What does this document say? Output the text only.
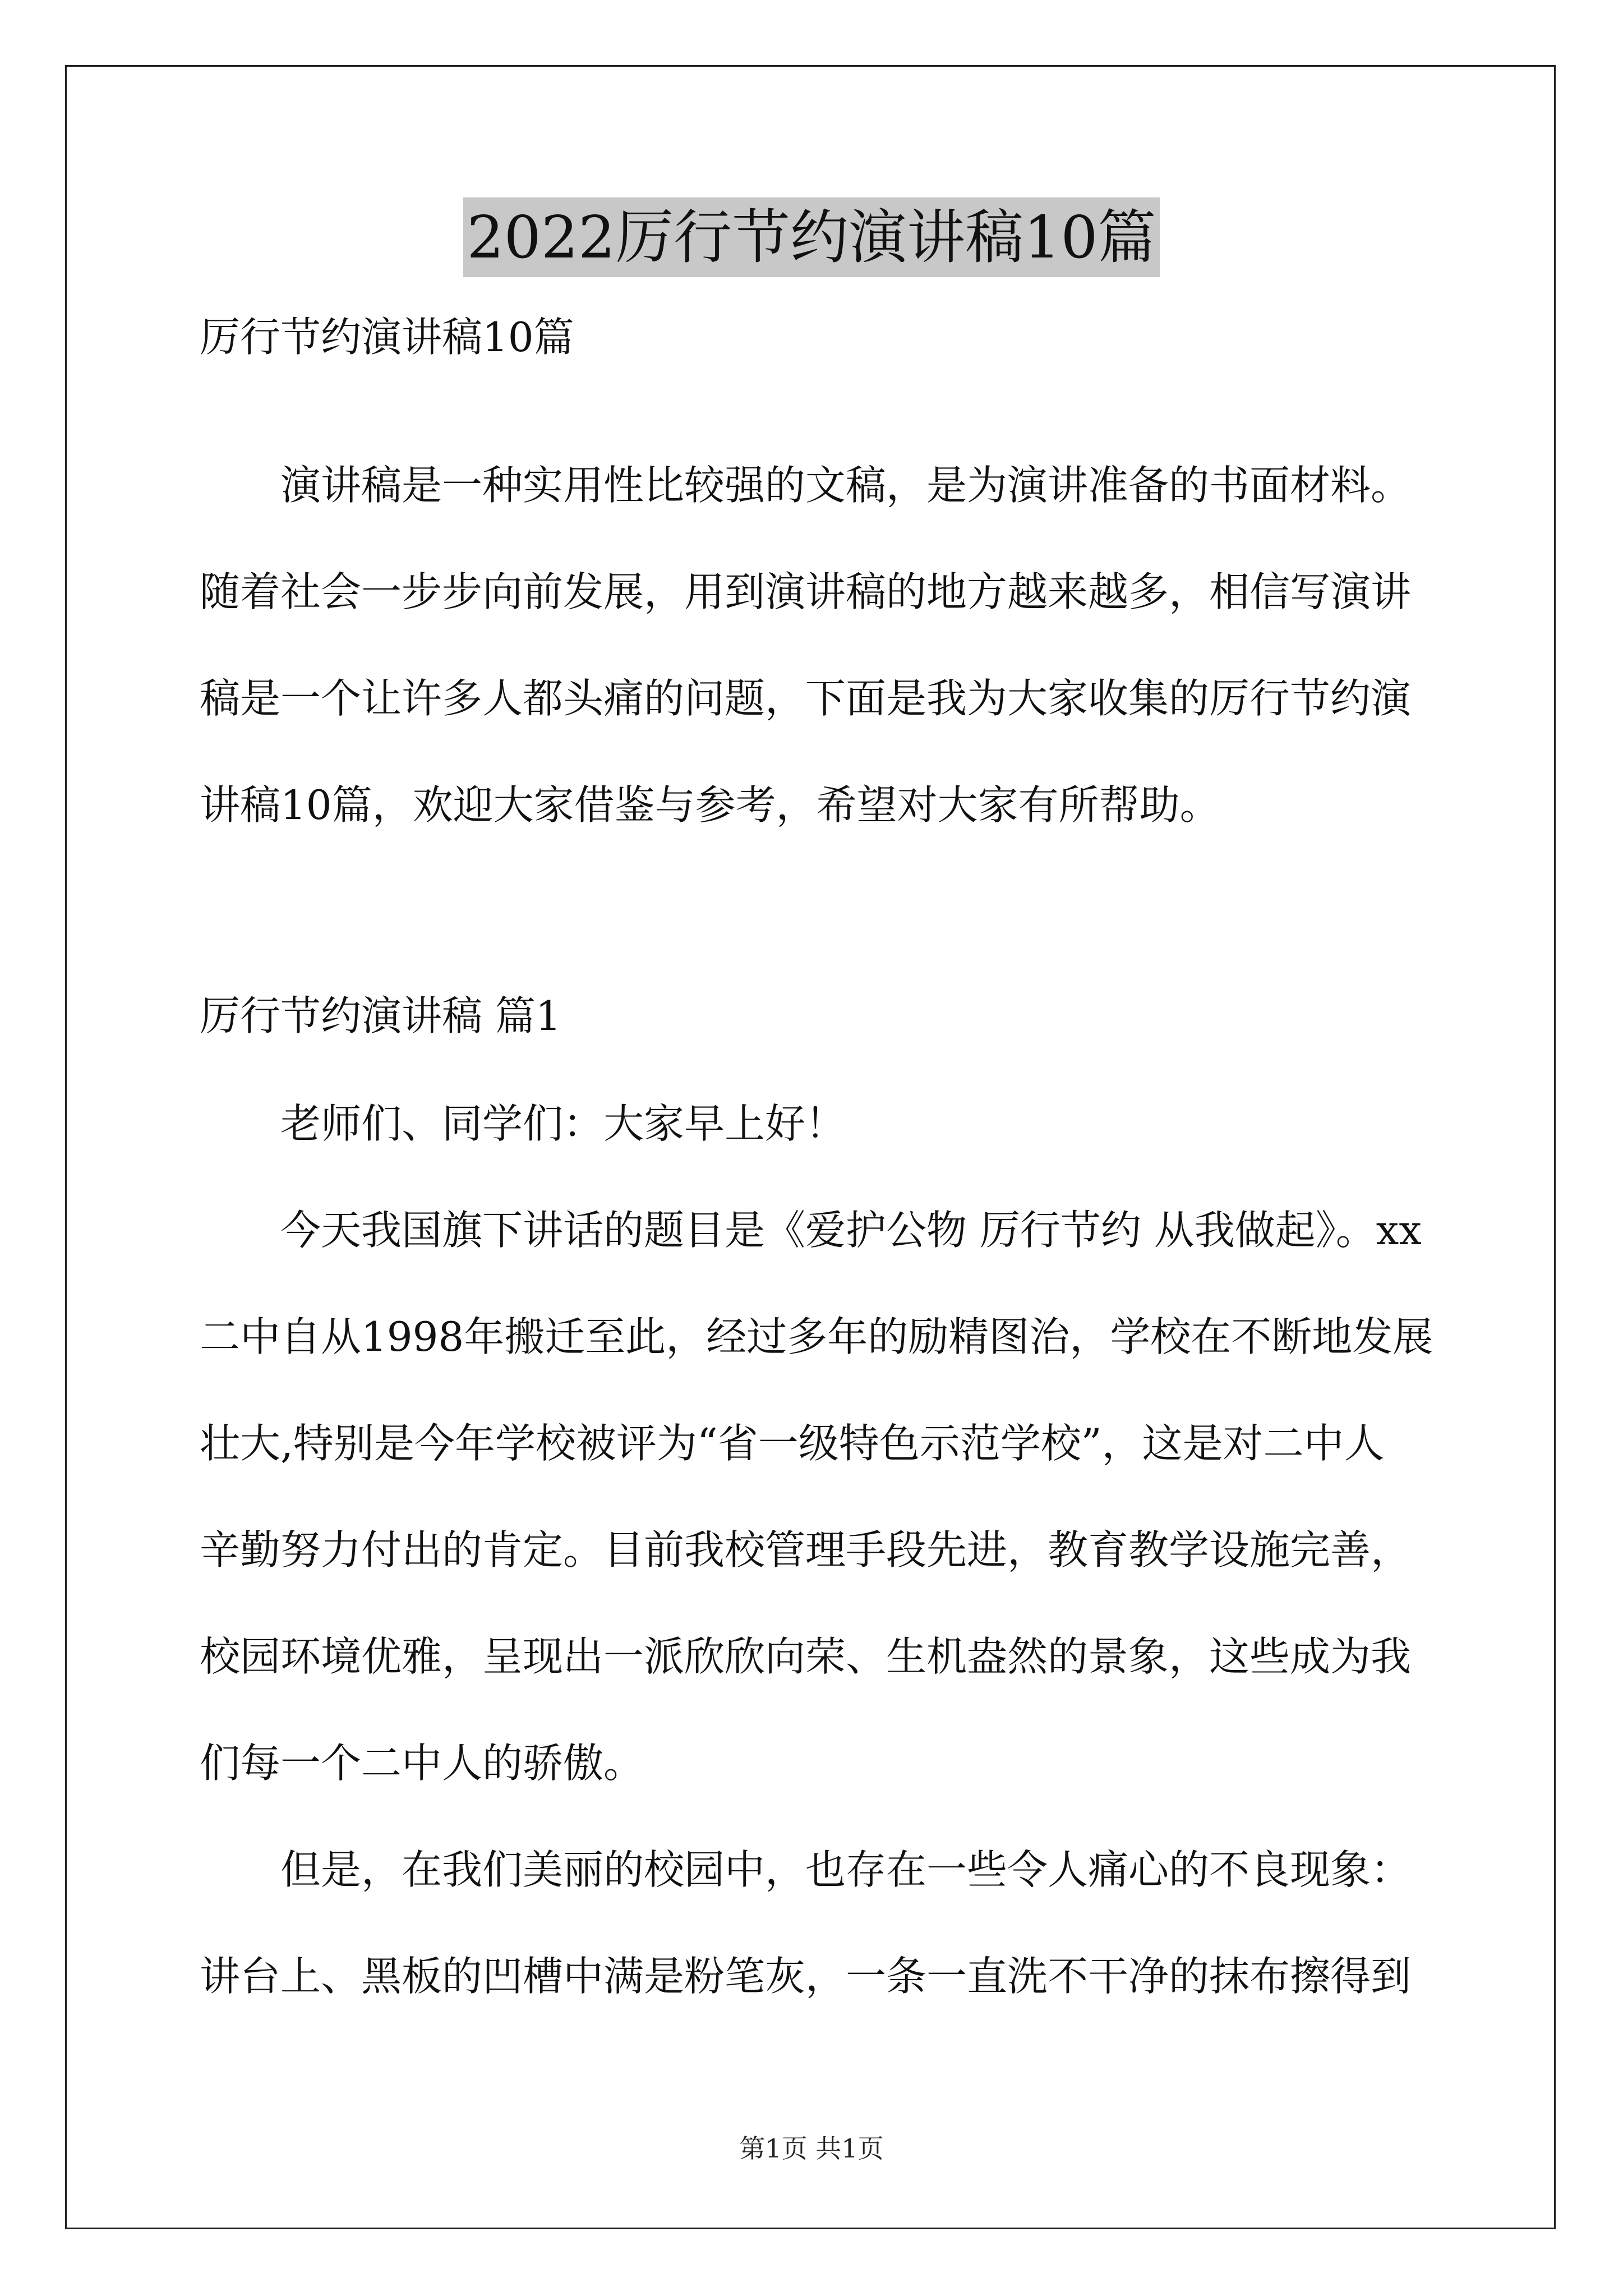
2022厉行节约演讲稿10篇
厉行节约演讲稿10篇
演讲稿是一种实用性比较强的文稿，是为演讲准备的书面材料。
随着社会一步步向前发展，用到演讲稿的地方越来越多，相信写演讲
稿是一个让许多人都头痛的问题，下面是我为大家收集的厉行节约演
讲稿10篇，欢迎大家借鉴与参考，希望对大家有所帮助。
厉行节约演讲稿 篇1
老师们、同学们：大家早上好！
今天我国旗下讲话的题目是《爱护公物 厉行节约 从我做起》。xx
二中自从1998年搬迁至此，经过多年的励精图治，学校在不断地发展
壮大,特别是今年学校被评为“省一级特色示范学校”，这是对二中人
辛勤努力付出的肯定。目前我校管理手段先进，教育教学设施完善，
校园环境优雅，呈现出一派欣欣向荣、生机盎然的景象，这些成为我
们每一个二中人的骄傲。
但是，在我们美丽的校园中，也存在一些令人痛心的不良现象：
讲台上、黑板的凹槽中满是粉笔灰，一条一直洗不干净的抹布擦得到
第1页 共1页
